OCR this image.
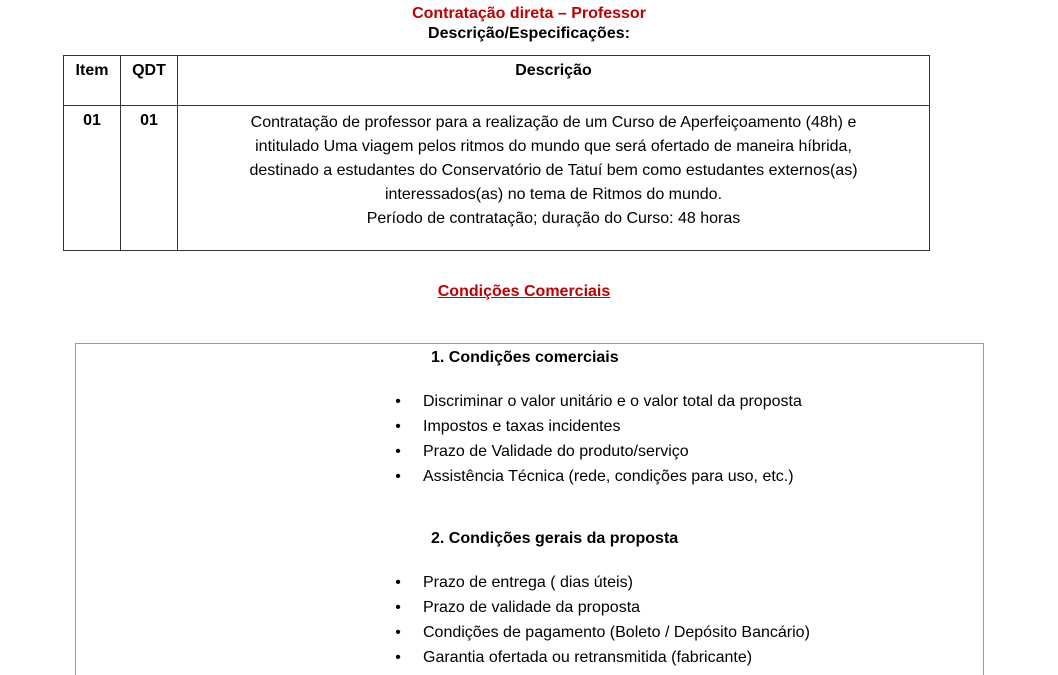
Contratação direta – Professor
Descrição/Especificações:
Item	QDT	Descrição
01	01	Contratação de professor para a realização de um Curso de Aperfeiçoamento (48h) e
intitulado Uma viagem pelos ritmos do mundo que será ofertado de maneira híbrida,
destinado a estudantes do Conservatório de Tatuí bem como estudantes externos(as)
interessados(as) no tema de Ritmos do mundo.
Período de contratação; duração do Curso: 48 horas
Condições Comerciais
1. Condições comerciais
• Discriminar o valor unitário e o valor total da proposta
• Impostos e taxas incidentes
• Prazo de Validade do produto/serviço
• Assistência Técnica (rede, condições para uso, etc.)
2. Condições gerais da proposta
• Prazo de entrega ( dias úteis)
• Prazo de validade da proposta
• Condições de pagamento (Boleto / Depósito Bancário)
• Garantia ofertada ou retransmitida (fabricante)
